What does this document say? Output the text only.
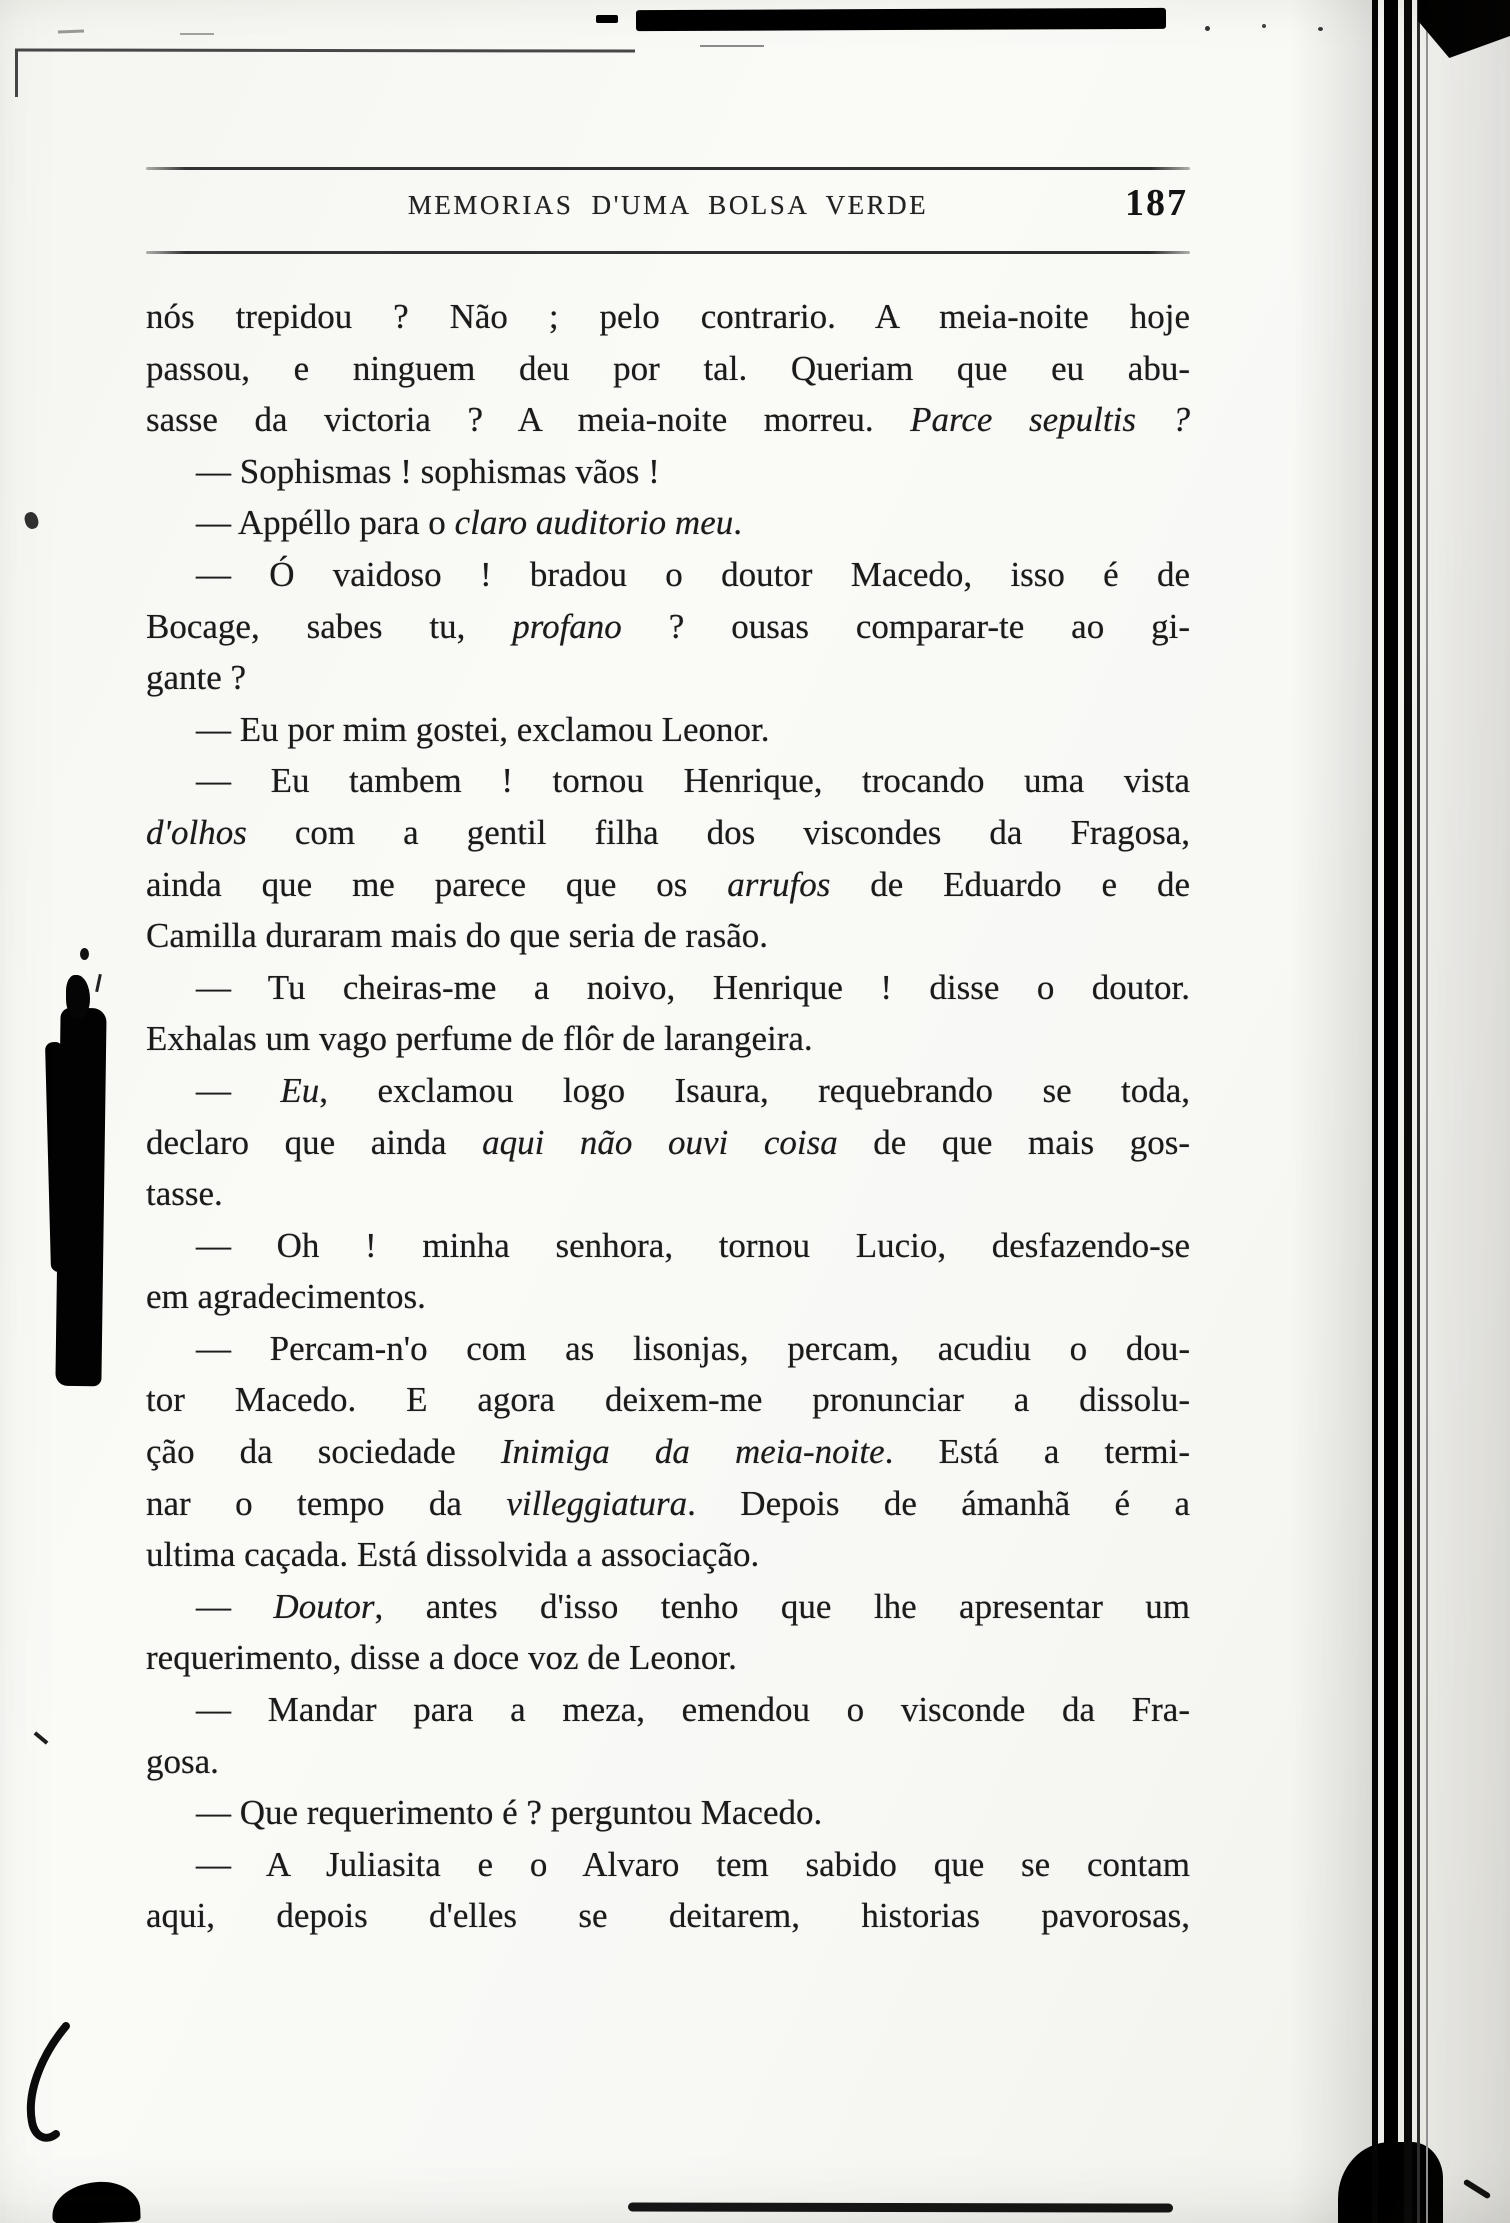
MEMORIAS D'UMA BOLSA VERDE	187
nós trepidou ? Não ; pelo contrario. A meia-noite hoje
passou, e ninguem deu por tal. Queriam que eu abu-
sasse da victoria ? A meia-noite morreu. Parce sepultis ?
— Sophismas ! sophismas vãos !
— Appéllo para o claro auditorio meu.
— Ó vaidoso ! bradou o doutor Macedo, isso é de
Bocage, sabes tu, profano ? ousas comparar-te ao gi-
gante ?
— Eu por mim gostei, exclamou Leonor.
— Eu tambem ! tornou Henrique, trocando uma vista
d'olhos com a gentil filha dos viscondes da Fragosa,
ainda que me parece que os arrufos de Eduardo e de
Camilla duraram mais do que seria de rasão.
— Tu cheiras-me a noivo, Henrique ! disse o doutor.
Exhalas um vago perfume de flôr de larangeira.
— Eu, exclamou logo Isaura, requebrando se toda,
declaro que ainda aqui não ouvi coisa de que mais gos-
tasse.
— Oh ! minha senhora, tornou Lucio, desfazendo-se
em agradecimentos.
— Percam-n'o com as lisonjas, percam, acudiu o dou-
tor Macedo. E agora deixem-me pronunciar a dissolu-
ção da sociedade Inimiga da meia-noite. Está a termi-
nar o tempo da villeggiatura. Depois de ámanhã é a
ultima caçada. Está dissolvida a associação.
— Doutor, antes d'isso tenho que lhe apresentar um
requerimento, disse a doce voz de Leonor.
— Mandar para a meza, emendou o visconde da Fra-
gosa.
— Que requerimento é ? perguntou Macedo.
— A Juliasita e o Alvaro tem sabido que se contam
aqui, depois d'elles se deitarem, historias pavorosas,
